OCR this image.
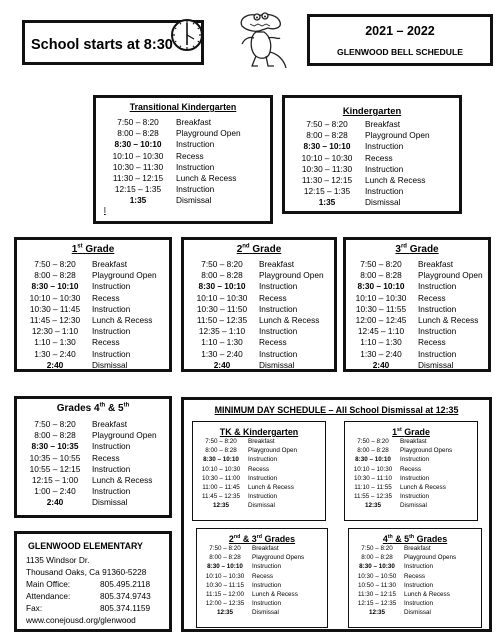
School starts at 8:30
2021 – 2022
GLENWOOD BELL SCHEDULE
Transitional Kindergarten
7:50 – 8:20	Breakfast
8:00 – 8:28	Playground Open
8:30 – 10:10	Instruction
10:10 – 10:30	Recess
10:30 – 11:30	Instruction
11:30 – 12:15	Lunch & Recess
12:15 – 1:35	Instruction
1:35	Dismissal
l
Kindergarten
7:50 – 8:20	Breakfast
8:00 – 8:28	Playground Open
8:30 – 10:10	Instruction
10:10 – 10:30	Recess
10:30 – 11:30	Instruction
11:30 – 12:15	Lunch & Recess
12:15 – 1:35	Instruction
1:35	Dismissal
1st Grade
7:50 – 8:20	Breakfast
8:00 – 8:28	Playground Open
8:30 – 10:10	Instruction
10:10 – 10:30	Recess
10:30 – 11:45	Instruction
11:45 – 12:30	Lunch & Recess
12:30 – 1:10	Instruction
1:10 – 1:30	Recess
1:30 – 2:40	Instruction
2:40	Dismissal
2nd Grade
7:50 – 8:20	Breakfast
8:00 – 8:28	Playground Open
8:30 – 10:10	Instruction
10:10 – 10:30	Recess
10:30 – 11:50	Instruction
11:50 – 12:35	Lunch & Recess
12:35 – 1:10	Instruction
1:10 – 1:30	Recess
1:30 – 2:40	Instruction
2:40	Dismissal
3rd Grade
7:50 – 8:20	Breakfast
8:00 – 8:28	Playground Open
8:30 – 10:10	Instruction
10:10 – 10:30	Recess
10:30 – 11:55	Instruction
12:00 – 12:45	Lunch & Recess
12:45 – 1:10	Instruction
1:10 – 1:30	Recess
1:30 – 2:40	Instruction
2:40	Dismissal
Grades 4th & 5th
7:50 – 8:20	Breakfast
8:00 – 8:28	Playground Open
8:30 – 10:35	Instruction
10:35 – 10:55	Recess
10:55 – 12:15	Instruction
12:15 – 1:00	Lunch & Recess
1:00 – 2:40	Instruction
2:40	Dismissal
GLENWOOD ELEMENTARY
1135 Windsor Dr.
Thousand Oaks, Ca 91360-5228
Main Office:	805.495.2118
Attendance:	805.374.9743
Fax:	805.374.1159
www.conejousd.org/glenwood
MINIMUM DAY SCHEDULE – All School Dismissal at 12:35
TK & Kindergarten
7:50 – 8:20	Breakfast
8:00 – 8:28	Playground Open
8:30 – 10:10	Instruction
10:10 – 10:30	Recess
10:30 – 11:00	Instruction
11:00 – 11:45	Lunch & Recess
11:45 – 12:35	Instruction
12:35	Dismissal
1st Grade
7:50 – 8:20	Breakfast
8:00 – 8:28	Playground Opens
8:30 – 10:10	Instruction
10:10 – 10:30	Recess
10:30 – 11:10	Instruction
11:10 – 11:55	Lunch & Recess
11:55 – 12:35	Instruction
12:35	Dismissal
2nd & 3rd Grades
7:50 – 8:20	Breakfast
8:00 – 8:28	Playground Opens
8:30 – 10:10	Instruction
10:10 – 10:30	Recess
10:30 – 11:15	Instruction
11:15 – 12:00	Lunch & Recess
12:00 – 12:35	Instruction
12:35	Dismissal
4th & 5th Grades
7:50 – 8:20	Breakfast
8:00 – 8:28	Playground Opens
8:30 – 10:30	Instruction
10:30 – 10:50	Recess
10:50 – 11:30	Instruction
11:30 – 12:15	Lunch & Recess
12:15 – 12:35	Instruction
12:35	Dismissal
